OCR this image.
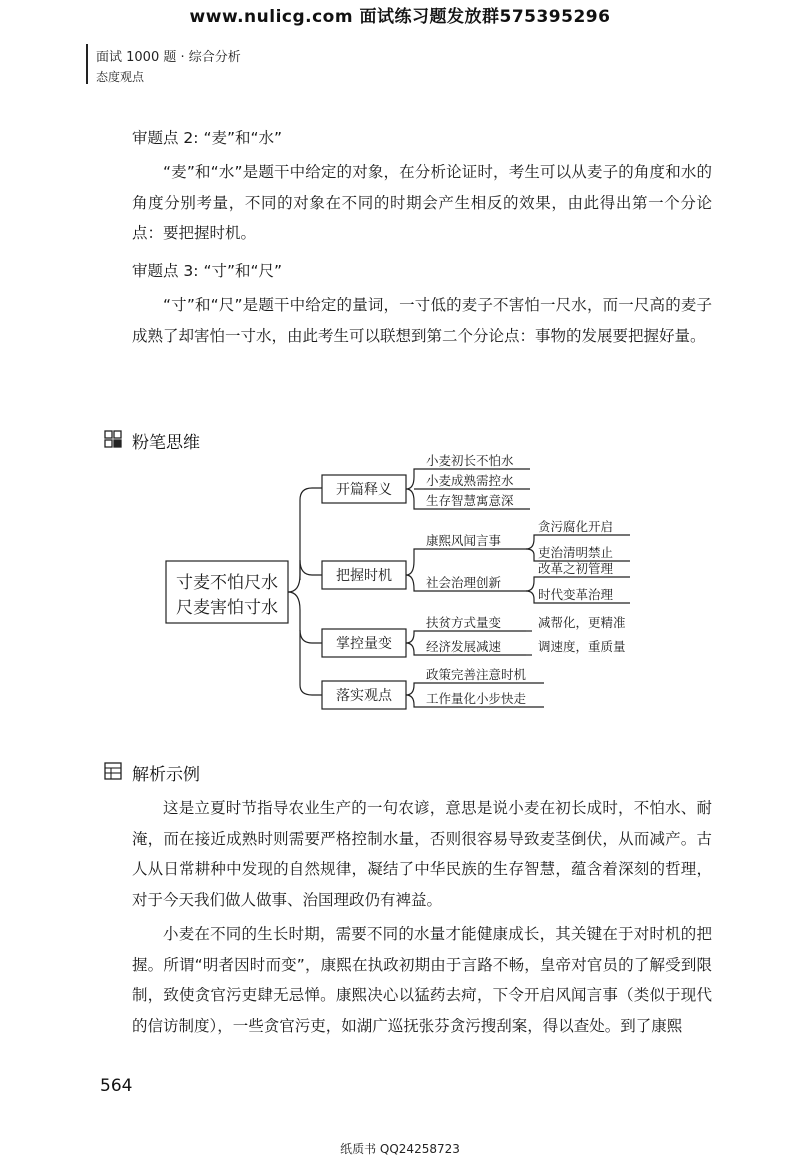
www.nulicg.com 面试练习题发放群575395296
面试 1000 题 · 综合分析
态度观点
审题点 2: “麦”和“水”
“麦”和“水”是题干中给定的对象，在分析论证时，考生可以从麦子的角度和水的角度分别考量，不同的对象在不同的时期会产生相反的效果，由此得出第一个分论点：要把握时机。
审题点 3: “寸”和“尺”
“寸”和“尺”是题干中给定的量词，一寸低的麦子不害怕一尺水，而一尺高的麦子成熟了却害怕一寸水，由此考生可以联想到第二个分论点：事物的发展要把握好量。
粉笔思维
寸麦不怕尺水
尺麦害怕寸水
开篇释义
把握时机
掌控量变
落实观点
小麦初长不怕水
小麦成熟需控水
生存智慧寓意深
康熙风闻言事
社会治理创新
贪污腐化开启
吏治清明禁止
改革之初管理
时代变革治理
扶贫方式量变
经济发展减速
减帮化，更精准
调速度，重质量
政策完善注意时机
工作量化小步快走
解析示例
这是立夏时节指导农业生产的一句农谚，意思是说小麦在初长成时，不怕水、耐淹，而在接近成熟时则需要严格控制水量，否则很容易导致麦茎倒伏，从而减产。古人从日常耕种中发现的自然规律，凝结了中华民族的生存智慧，蕴含着深刻的哲理，对于今天我们做人做事、治国理政仍有裨益。
小麦在不同的生长时期，需要不同的水量才能健康成长，其关键在于对时机的把握。所谓“明者因时而变”，康熙在执政初期由于言路不畅，皇帝对官员的了解受到限制，致使贪官污吏肆无忌惮。康熙决心以猛药去疴，下令开启风闻言事（类似于现代的信访制度），一些贪官污吏，如湖广巡抚张芬贪污搜刮案，得以查处。到了康熙
564
纸质书 QQ24258723
